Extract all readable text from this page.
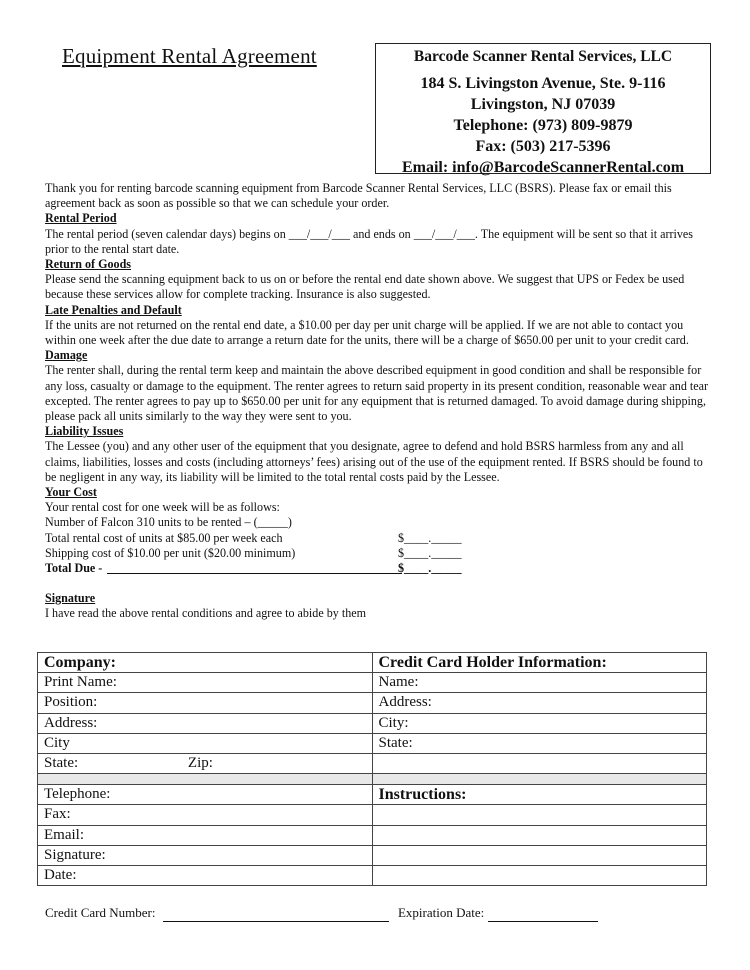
Equipment Rental Agreement	Barcode Scanner Rental Services, LLC
184 S. Livingston Avenue, Ste. 9-116
Livingston, NJ 07039
Telephone: (973) 809-9879
Fax: (503) 217-5396
Email: info@BarcodeScannerRental.com

Thank you for renting barcode scanning equipment from Barcode Scanner Rental Services, LLC (BSRS). Please fax or email this agreement back as soon as possible so that we can schedule your order.

Rental Period

The rental period (seven calendar days) begins on ___/___/___ and ends on ___/___/___. The equipment will be sent so that it arrives prior to the rental start date.

Return of Goods

Please send the scanning equipment back to us on or before the rental end date shown above. We suggest that UPS or Fedex be used because these services allow for complete tracking. Insurance is also suggested.

Late Penalties and Default

If the units are not returned on the rental end date, a $10.00 per day per unit charge will be applied. If we are not able to contact you within one week after the due date to arrange a return date for the units, there will be a charge of $650.00 per unit to your credit card.

Damage

The renter shall, during the rental term keep and maintain the above described equipment in good condition and shall be responsible for any loss, casualty or damage to the equipment. The renter agrees to return said property in its present condition, reasonable wear and tear excepted. The renter agrees to pay up to $650.00 per unit for any equipment that is returned damaged. To avoid damage during shipping, please pack all units similarly to the way they were sent to you.

Liability Issues

The Lessee (you) and any other user of the equipment that you designate, agree to defend and hold BSRS harmless from any and all claims, liabilities, losses and costs (including attorneys’ fees) arising out of the use of the equipment rented. If BSRS should be found to be negligent in any way, its liability will be limited to the total rental costs paid by the Lessee.

Your Cost

Your rental cost for one week will be as follows:

Number of Falcon 310 units to be rented – (_____)

Total rental cost of units at $85.00 per week each	$____._____
Shipping cost of $10.00 per unit ($20.00 minimum)	$____._____
Total Due -	$____._____
Signature

I have read the above rental conditions and agree to abide by them

Company:	Credit Card Holder Information:
Print Name:	Name:
Position:	Address:
Address:	City:
City	State:
State: Zip:	

Telephone:	Instructions:
Fax:	
Email:	
Signature:	
Date:	
Credit Card Number:	Expiration Date:
